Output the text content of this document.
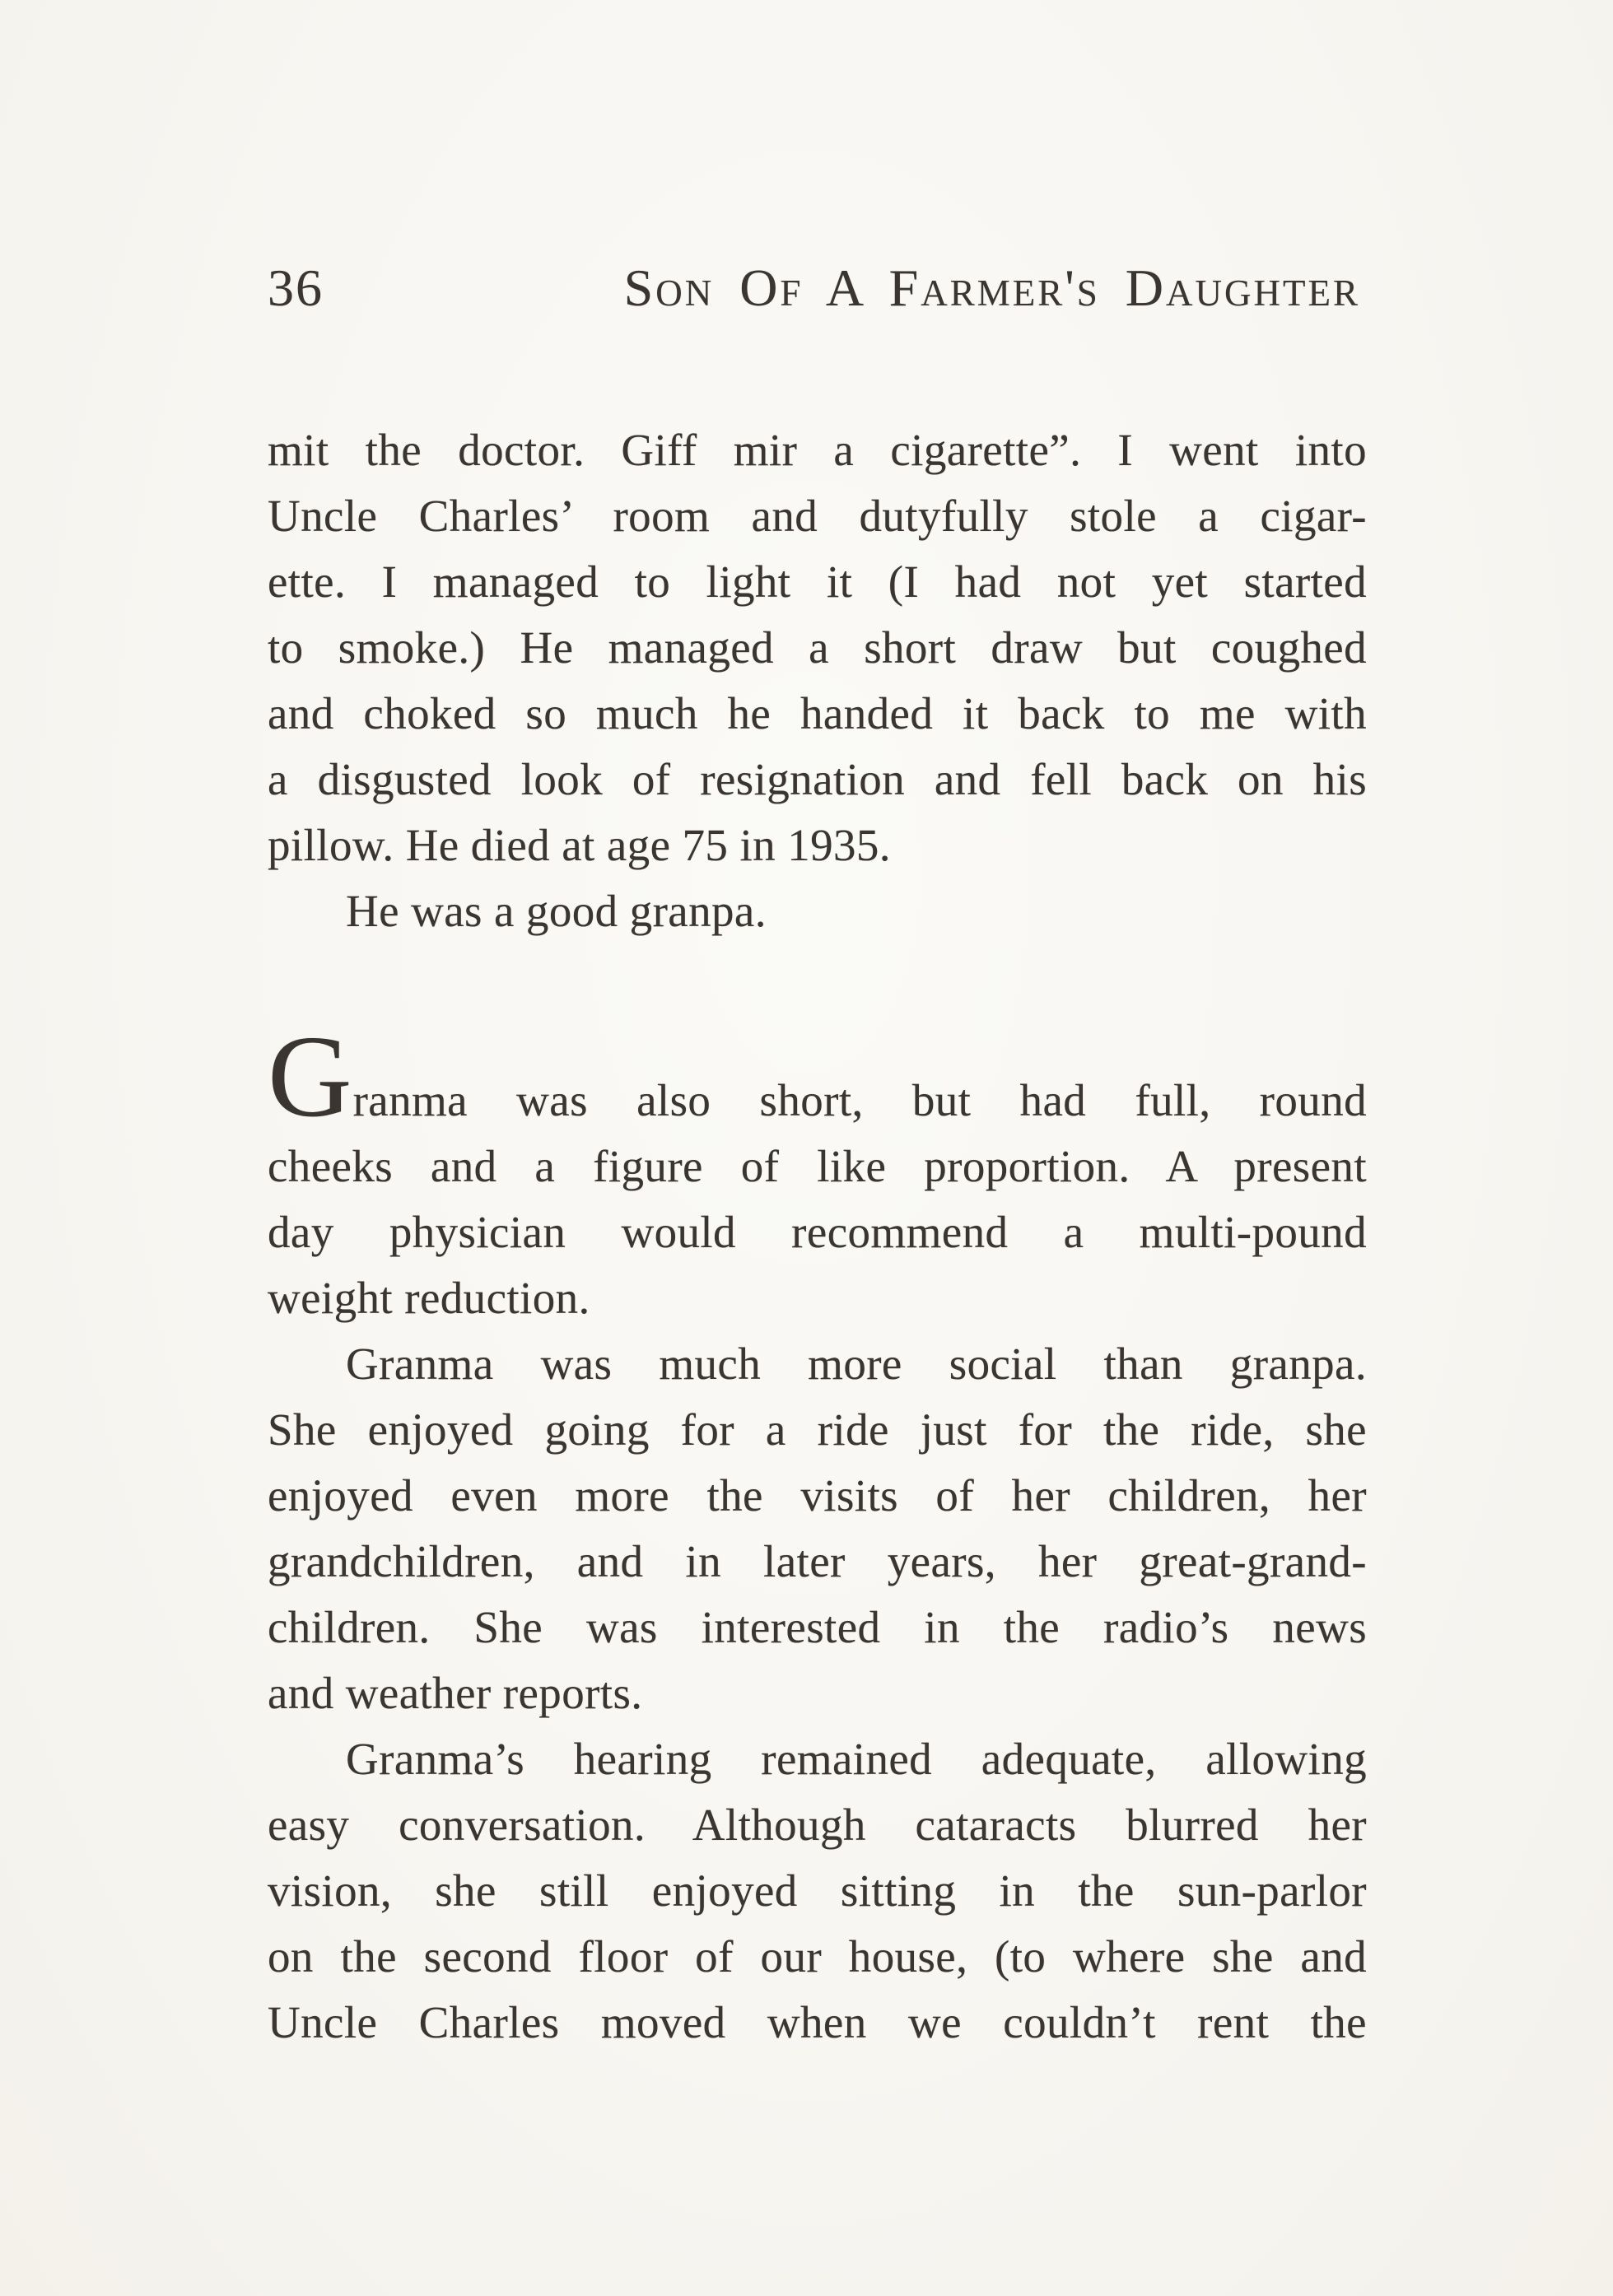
36	Son Of A Farmer's Daughter
mit the doctor. Giff mir a cigarette”. I went into
Uncle Charles’ room and dutyfully stole a cigar-
ette. I managed to light it (I had not yet started
to smoke.) He managed a short draw but coughed
and choked so much he handed it back to me with
a disgusted look of resignation and fell back on his
pillow. He died at age 75 in 1935.
He was a good granpa.
Granma was also short, but had full, round
cheeks and a figure of like proportion. A present
day physician would recommend a multi-pound
weight reduction.
Granma was much more social than granpa.
She enjoyed going for a ride just for the ride, she
enjoyed even more the visits of her children, her
grandchildren, and in later years, her great-grand-
children. She was interested in the radio’s news
and weather reports.
Granma’s hearing remained adequate, allowing
easy conversation. Although cataracts blurred her
vision, she still enjoyed sitting in the sun-parlor
on the second floor of our house, (to where she and
Uncle Charles moved when we couldn’t rent the
